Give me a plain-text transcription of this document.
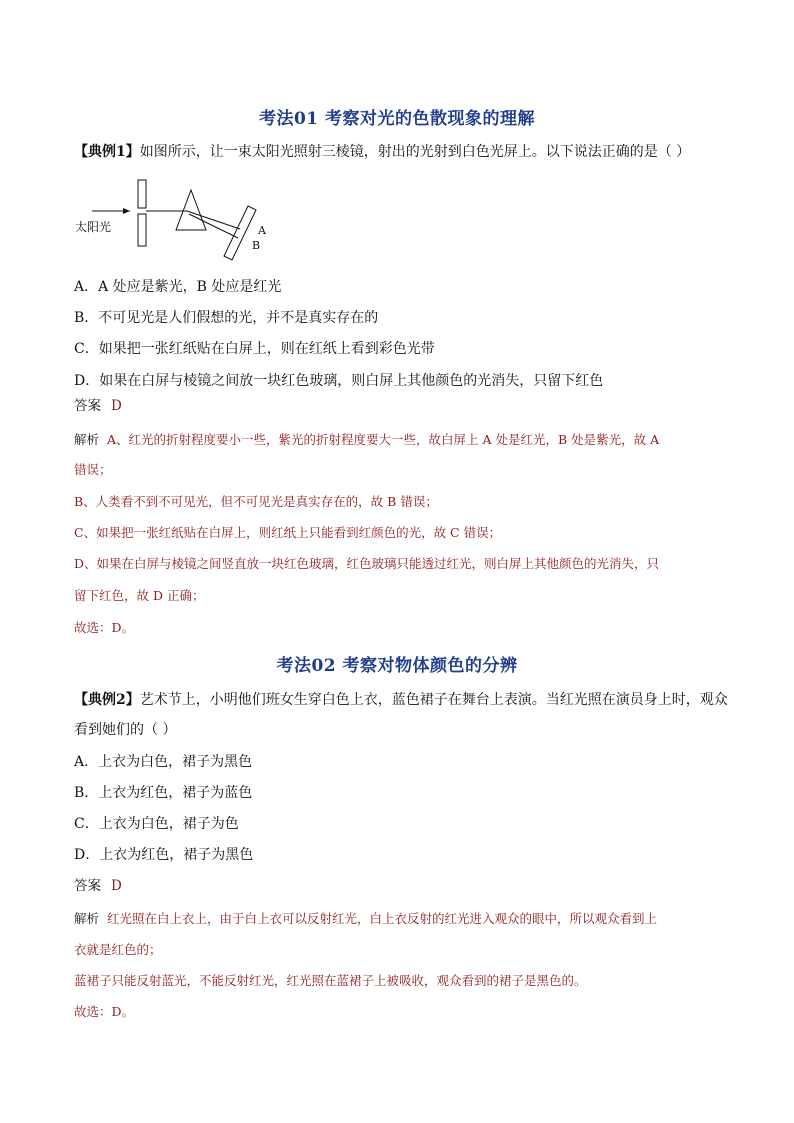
考法01 考察对光的色散现象的理解
【典例1】如图所示，让一束太阳光照射三棱镜，射出的光射到白色光屏上。以下说法正确的是（ ）
太阳光	A
B
A．A 处应是紫光，B 处应是红光
B．不可见光是人们假想的光，并不是真实存在的
C．如果把一张红纸贴在白屏上，则在红纸上看到彩色光带
D．如果在白屏与棱镜之间放一块红色玻璃，则白屏上其他颜色的光消失，只留下红色
答案 D
解析 A、红光的折射程度要小一些，紫光的折射程度要大一些，故白屏上 A 处是红光，B 处是紫光，故 A
错误；
B、人类看不到不可见光，但不可见光是真实存在的，故 B 错误；
C、如果把一张红纸贴在白屏上，则红纸上只能看到红颜色的光，故 C 错误；
D、如果在白屏与棱镜之间竖直放一块红色玻璃，红色玻璃只能透过红光，则白屏上其他颜色的光消失，只
留下红色，故 D 正确；
故选：D。
考法02 考察对物体颜色的分辨
【典例2】艺术节上，小明他们班女生穿白色上衣，蓝色裙子在舞台上表演。当红光照在演员身上时，观众
看到她们的（ ）
A．上衣为白色，裙子为黑色
B．上衣为红色，裙子为蓝色
C．上衣为白色，裙子为色
D．上衣为红色，裙子为黑色
答案 D
解析 红光照在白上衣上，由于白上衣可以反射红光，白上衣反射的红光进入观众的眼中，所以观众看到上
衣就是红色的；
蓝裙子只能反射蓝光，不能反射红光，红光照在蓝裙子上被吸收，观众看到的裙子是黑色的。
故选：D。
